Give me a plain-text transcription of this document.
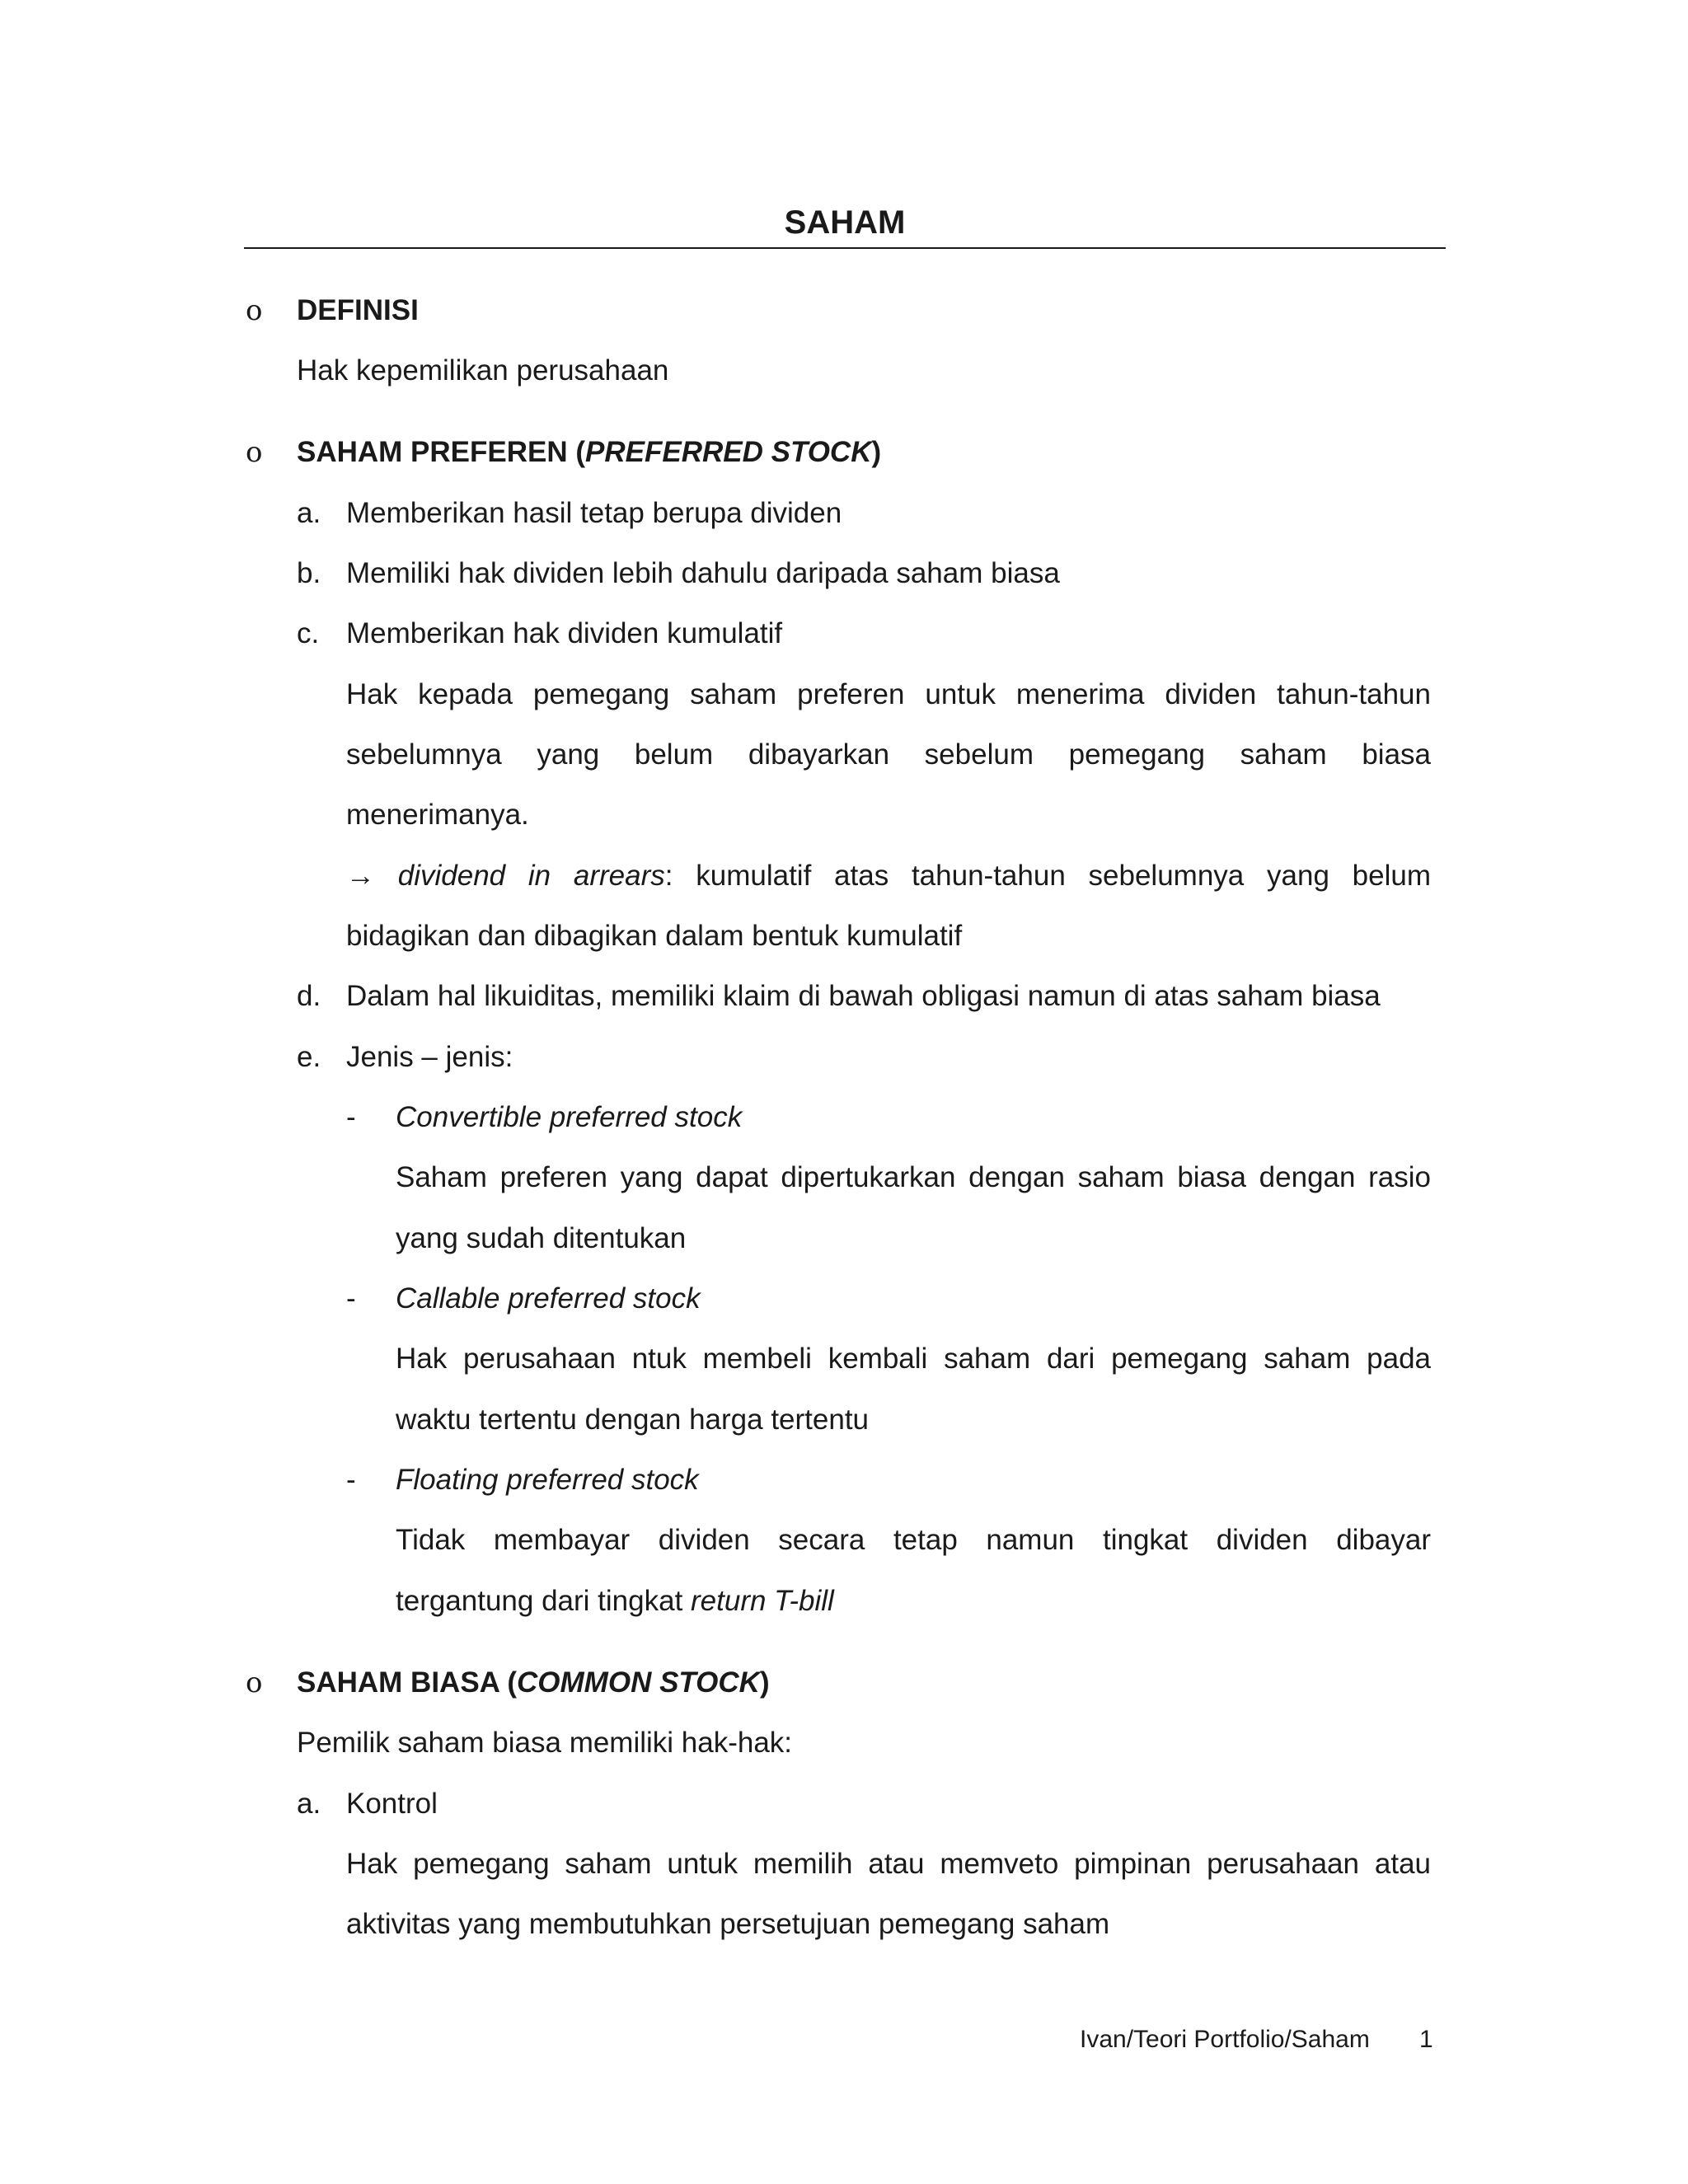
SAHAM
o DEFINISI
Hak kepemilikan perusahaan
o SAHAM PREFEREN (PREFERRED STOCK)
a. Memberikan hasil tetap berupa dividen
b. Memiliki hak dividen lebih dahulu daripada saham biasa
c. Memberikan hak dividen kumulatif
Hak kepada pemegang saham preferen untuk menerima dividen tahun-tahun
sebelumnya yang belum dibayarkan sebelum pemegang saham biasa
menerimanya.
→ dividend in arrears: kumulatif atas tahun-tahun sebelumnya yang belum
bidagikan dan dibagikan dalam bentuk kumulatif
d. Dalam hal likuiditas, memiliki klaim di bawah obligasi namun di atas saham biasa
e. Jenis – jenis:
- Convertible preferred stock
Saham preferen yang dapat dipertukarkan dengan saham biasa dengan rasio
yang sudah ditentukan
- Callable preferred stock
Hak perusahaan ntuk membeli kembali saham dari pemegang saham pada
waktu tertentu dengan harga tertentu
- Floating preferred stock
Tidak membayar dividen secara tetap namun tingkat dividen dibayar
tergantung dari tingkat return T-bill
o SAHAM BIASA (COMMON STOCK)
Pemilik saham biasa memiliki hak-hak:
a. Kontrol
Hak pemegang saham untuk memilih atau memveto pimpinan perusahaan atau
aktivitas yang membutuhkan persetujuan pemegang saham
Ivan/Teori Portfolio/Saham 1
